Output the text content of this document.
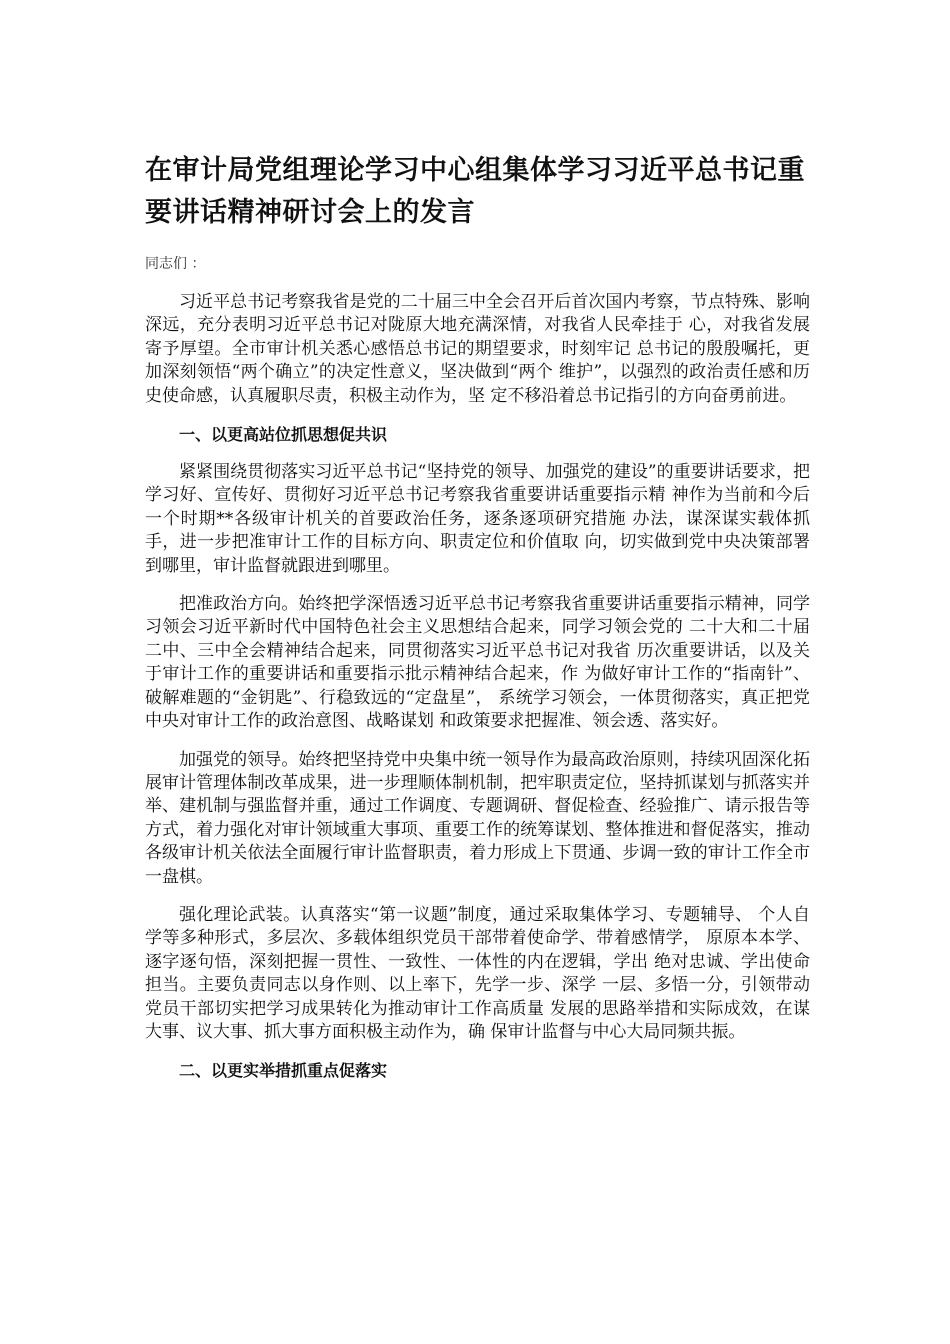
在审计局党组理论学习中心组集体学习习近平总书记重要讲话精神研讨会上的发言

同志们 ：

习近平总书记考察我省是党的二十届三中全会召开后首次国内考察，节点特殊、影响深远，充分表明习近平总书记对陇原大地充满深情，对我省人民牵挂于 心，对我省发展寄予厚望。全市审计机关悉心感悟总书记的期望要求，时刻牢记 总书记的殷殷嘱托，更加深刻领悟“两个确立”的决定性意义，坚决做到“两个 维护”，以强烈的政治责任感和历史使命感，认真履职尽责，积极主动作为，坚 定不移沿着总书记指引的方向奋勇前进。

一、以更高站位抓思想促共识

紧紧围绕贯彻落实习近平总书记“坚持党的领导、加强党的建设”的重要讲话要求，把学习好、宣传好、贯彻好习近平总书记考察我省重要讲话重要指示精 神作为当前和今后一个时期**各级审计机关的首要政治任务，逐条逐项研究措施 办法，谋深谋实载体抓手，进一步把准审计工作的目标方向、职责定位和价值取 向，切实做到党中央决策部署到哪里，审计监督就跟进到哪里。

把准政治方向。始终把学深悟透习近平总书记考察我省重要讲话重要指示精神，同学习领会习近平新时代中国特色社会主义思想结合起来，同学习领会党的 二十大和二十届二中、三中全会精神结合起来，同贯彻落实习近平总书记对我省 历次重要讲话，以及关于审计工作的重要讲话和重要指示批示精神结合起来，作 为做好审计工作的“指南针”、破解难题的“金钥匙”、行稳致远的“定盘星”， 系统学习领会，一体贯彻落实，真正把党中央对审计工作的政治意图、战略谋划 和政策要求把握准、领会透、落实好。

加强党的领导。始终把坚持党中央集中统一领导作为最高政治原则，持续巩固深化拓展审计管理体制改革成果，进一步理顺体制机制，把牢职责定位，坚持抓谋划与抓落实并举、建机制与强监督并重，通过工作调度、专题调研、督促检查、经验推广、请示报告等方式，着力强化对审计领域重大事项、重要工作的统筹谋划、整体推进和督促落实，推动各级审计机关依法全面履行审计监督职责，着力形成上下贯通、步调一致的审计工作全市一盘棋。

强化理论武装。认真落实“第一议题”制度，通过采取集体学习、专题辅导、 个人自学等多种形式，多层次、多载体组织党员干部带着使命学、带着感情学， 原原本本学、逐字逐句悟，深刻把握一贯性、一致性、一体性的内在逻辑，学出 绝对忠诚、学出使命担当。主要负责同志以身作则、以上率下，先学一步、深学 一层、多悟一分，引领带动党员干部切实把学习成果转化为推动审计工作高质量 发展的思路举措和实际成效，在谋大事、议大事、抓大事方面积极主动作为，确 保审计监督与中心大局同频共振。

二、以更实举措抓重点促落实
